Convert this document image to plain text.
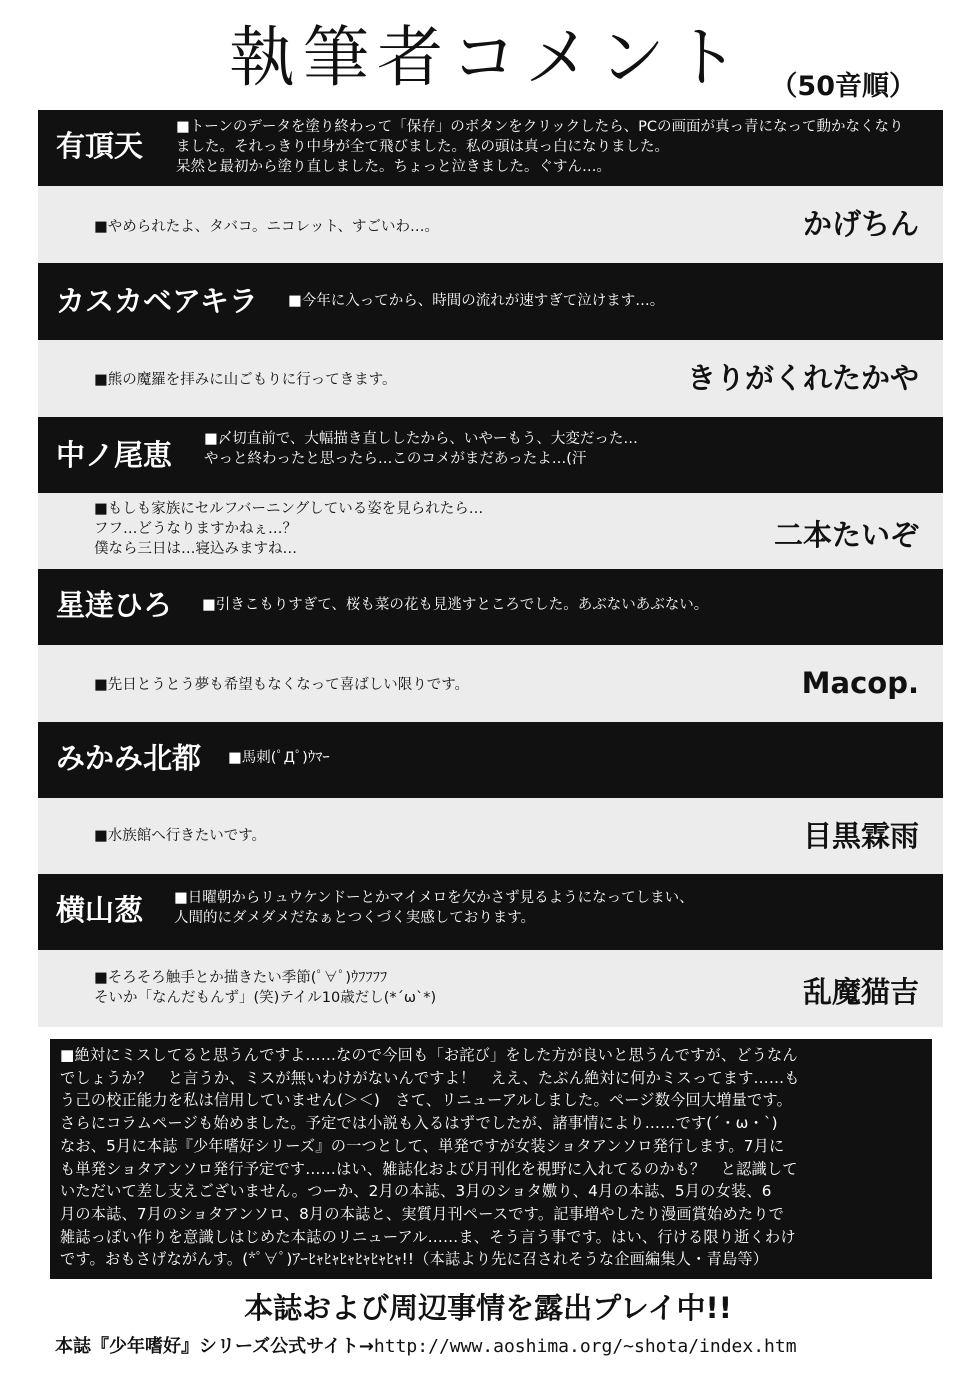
執筆者コメント （50音順）
有頂天
■トーンのデータを塗り終わって「保存」のボタンをクリックしたら、PCの画面が真っ青になって動かなくなり
ました。それっきり中身が全て飛びました。私の頭は真っ白になりました。
呆然と最初から塗り直しました。ちょっと泣きました。ぐすん…。
■やめられたよ、タバコ。ニコレット、すごいわ…。	かげちん
カスカベアキラ ■今年に入ってから、時間の流れが速すぎて泣けます…。
■熊の魔羅を拝みに山ごもりに行ってきます。	きりがくれたかや
中ノ尾恵 ■〆切直前で、大幅描き直ししたから、いやーもう、大変だった…
やっと終わったと思ったら…このコメがまだあったよ…(汗
■もしも家族にセルフバーニングしている姿を見られたら…
フフ…どうなりますかねぇ…？
僕なら三日は…寝込みますね…	二本たいぞ
星逹ひろ ■引きこもりすぎて、桜も菜の花も見逃すところでした。あぶないあぶない。
■先日とうとう夢も希望もなくなって喜ばしい限りです。	Macop.
みかみ北都 ■馬刺(ﾟДﾟ)ｳﾏｰ
■水族館へ行きたいです。	目黒霖雨
横山葱 ■日曜朝からリュウケンドーとかマイメロを欠かさず見るようになってしまい、
人間的にダメダメだなぁとつくづく実感しております。
■そろそろ触手とか描きたい季節(ﾟ∀ﾟ)ｳﾌﾌﾌﾌ
そいか「なんだもんず」(笑)テイル10歳だし(*´ω`*)	乱魔猫吉
■絶対にミスしてると思うんですよ……なので今回も「お詫び」をした方が良いと思うんですが、どうなん
でしょうか？　と言うか、ミスが無いわけがないんですよ！　ええ、たぶん絶対に何かミスってます……も
う己の校正能力を私は信用していません(＞＜)　さて、リニューアルしました。ページ数今回大増量です。
さらにコラムページも始めました。予定では小説も入るはずでしたが、諸事情により……です(´・ω・`)
なお、5月に本誌『少年嗜好シリーズ』の一つとして、単発ですが女装ショタアンソロ発行します。7月に
も単発ショタアンソロ発行予定です……はい、雑誌化および月刊化を視野に入れてるのかも？　と認識して
いただいて差し支えございません。つーか、2月の本誌、3月のショタ嫐り、4月の本誌、5月の女装、6
月の本誌、7月のショタアンソロ、8月の本誌と、実質月刊ペースです。記事増やしたり漫画賞始めたりで
雑誌っぽい作りを意識しはじめた本誌のリニューアル……ま、そう言う事です。はい、行ける限り逝くわけ
です。おもさげながんす。(*ﾟ∀ﾟ)ｱｰﾋｬﾋｬﾋｬﾋｬﾋｬﾋｬ!!（本誌より先に召されそうな企画編集人・青島等）
本誌および周辺事情を露出プレイ中!!
本誌『少年嗜好』シリーズ公式サイト→http://www.aoshima.org/~shota/index.htm
